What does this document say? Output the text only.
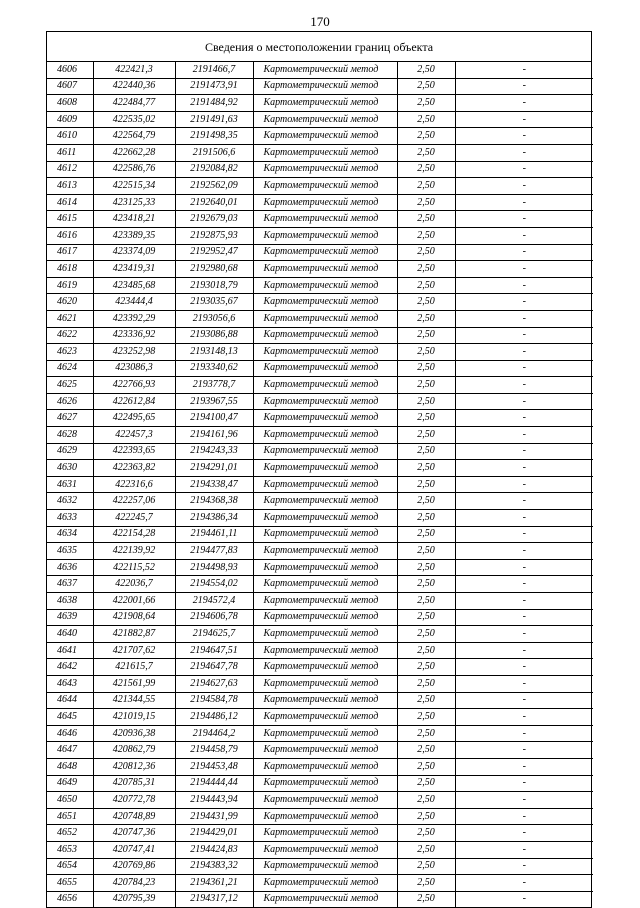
170
Сведения о местоположении границ объекта
4606	422421,3	2191466,7	Картометрический метод	2,50	-
4607	422440,36	2191473,91	Картометрический метод	2,50	-
4608	422484,77	2191484,92	Картометрический метод	2,50	-
4609	422535,02	2191491,63	Картометрический метод	2,50	-
4610	422564,79	2191498,35	Картометрический метод	2,50	-
4611	422662,28	2191506,6	Картометрический метод	2,50	-
4612	422586,76	2192084,82	Картометрический метод	2,50	-
4613	422515,34	2192562,09	Картометрический метод	2,50	-
4614	423125,33	2192640,01	Картометрический метод	2,50	-
4615	423418,21	2192679,03	Картометрический метод	2,50	-
4616	423389,35	2192875,93	Картометрический метод	2,50	-
4617	423374,09	2192952,47	Картометрический метод	2,50	-
4618	423419,31	2192980,68	Картометрический метод	2,50	-
4619	423485,68	2193018,79	Картометрический метод	2,50	-
4620	423444,4	2193035,67	Картометрический метод	2,50	-
4621	423392,29	2193056,6	Картометрический метод	2,50	-
4622	423336,92	2193086,88	Картометрический метод	2,50	-
4623	423252,98	2193148,13	Картометрический метод	2,50	-
4624	423086,3	2193340,62	Картометрический метод	2,50	-
4625	422766,93	2193778,7	Картометрический метод	2,50	-
4626	422612,84	2193967,55	Картометрический метод	2,50	-
4627	422495,65	2194100,47	Картометрический метод	2,50	-
4628	422457,3	2194161,96	Картометрический метод	2,50	-
4629	422393,65	2194243,33	Картометрический метод	2,50	-
4630	422363,82	2194291,01	Картометрический метод	2,50	-
4631	422316,6	2194338,47	Картометрический метод	2,50	-
4632	422257,06	2194368,38	Картометрический метод	2,50	-
4633	422245,7	2194386,34	Картометрический метод	2,50	-
4634	422154,28	2194461,11	Картометрический метод	2,50	-
4635	422139,92	2194477,83	Картометрический метод	2,50	-
4636	422115,52	2194498,93	Картометрический метод	2,50	-
4637	422036,7	2194554,02	Картометрический метод	2,50	-
4638	422001,66	2194572,4	Картометрический метод	2,50	-
4639	421908,64	2194606,78	Картометрический метод	2,50	-
4640	421882,87	2194625,7	Картометрический метод	2,50	-
4641	421707,62	2194647,51	Картометрический метод	2,50	-
4642	421615,7	2194647,78	Картометрический метод	2,50	-
4643	421561,99	2194627,63	Картометрический метод	2,50	-
4644	421344,55	2194584,78	Картометрический метод	2,50	-
4645	421019,15	2194486,12	Картометрический метод	2,50	-
4646	420936,38	2194464,2	Картометрический метод	2,50	-
4647	420862,79	2194458,79	Картометрический метод	2,50	-
4648	420812,36	2194453,48	Картометрический метод	2,50	-
4649	420785,31	2194444,44	Картометрический метод	2,50	-
4650	420772,78	2194443,94	Картометрический метод	2,50	-
4651	420748,89	2194431,99	Картометрический метод	2,50	-
4652	420747,36	2194429,01	Картометрический метод	2,50	-
4653	420747,41	2194424,83	Картометрический метод	2,50	-
4654	420769,86	2194383,32	Картометрический метод	2,50	-
4655	420784,23	2194361,21	Картометрический метод	2,50	-
4656	420795,39	2194317,12	Картометрический метод	2,50	-
